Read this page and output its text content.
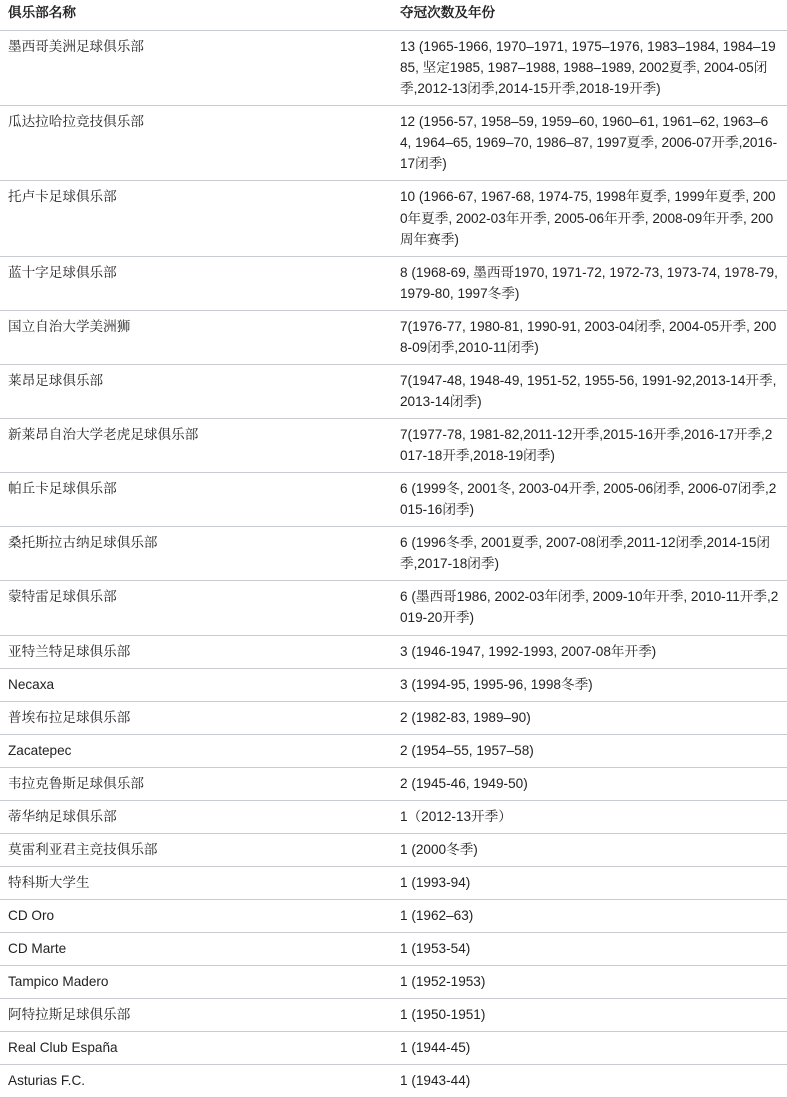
俱乐部名称	夺冠次数及年份
墨西哥美洲足球俱乐部	13 (1965-1966, 1970–1971, 1975–1976, 1983–1984, 1984–1985, 坚定1985, 1987–1988, 1988–1989, 2002夏季, 2004-05闭季,2012-13闭季,2014-15开季,2018-19开季)
瓜达拉哈拉竞技俱乐部	12 (1956-57, 1958–59, 1959–60, 1960–61, 1961–62, 1963–64, 1964–65, 1969–70, 1986–87, 1997夏季, 2006-07开季,2016-17闭季)
托卢卡足球俱乐部	10 (1966-67, 1967-68, 1974-75, 1998年夏季, 1999年夏季, 2000年夏季, 2002-03年开季, 2005-06年开季, 2008-09年开季, 200周年赛季)
蓝十字足球俱乐部	8 (1968-69, 墨西哥1970, 1971-72, 1972-73, 1973-74, 1978-79, 1979-80, 1997冬季)
国立自治大学美洲狮	7(1976-77, 1980-81, 1990-91, 2003-04闭季, 2004-05开季, 2008-09闭季,2010-11闭季)
莱昂足球俱乐部	7(1947-48, 1948-49, 1951-52, 1955-56, 1991-92,2013-14开季,2013-14闭季)
新莱昂自治大学老虎足球俱乐部	7(1977-78, 1981-82,2011-12开季,2015-16开季,2016-17开季,2017-18开季,2018-19闭季)
帕丘卡足球俱乐部	6 (1999冬, 2001冬, 2003-04开季, 2005-06闭季, 2006-07闭季,2015-16闭季)
桑托斯拉古纳足球俱乐部	6 (1996冬季, 2001夏季, 2007-08闭季,2011-12闭季,2014-15闭季,2017-18闭季)
蒙特雷足球俱乐部	6 (墨西哥1986, 2002-03年闭季, 2009-10年开季, 2010-11开季,2019-20开季)
亚特兰特足球俱乐部	3 (1946-1947, 1992-1993, 2007-08年开季)
Necaxa	3 (1994-95, 1995-96, 1998冬季)
普埃布拉足球俱乐部	2 (1982-83, 1989–90)
Zacatepec	2 (1954–55, 1957–58)
韦拉克鲁斯足球俱乐部	2 (1945-46, 1949-50)
蒂华纳足球俱乐部	1（2012-13开季）
莫雷利亚君主竞技俱乐部	1 (2000冬季)
特科斯大学生	1 (1993-94)
CD Oro	1 (1962–63)
CD Marte	1 (1953-54)
Tampico Madero	1 (1952-1953)
阿特拉斯足球俱乐部	1 (1950-1951)
Real Club España	1 (1944-45)
Asturias F.C.	1 (1943-44)
